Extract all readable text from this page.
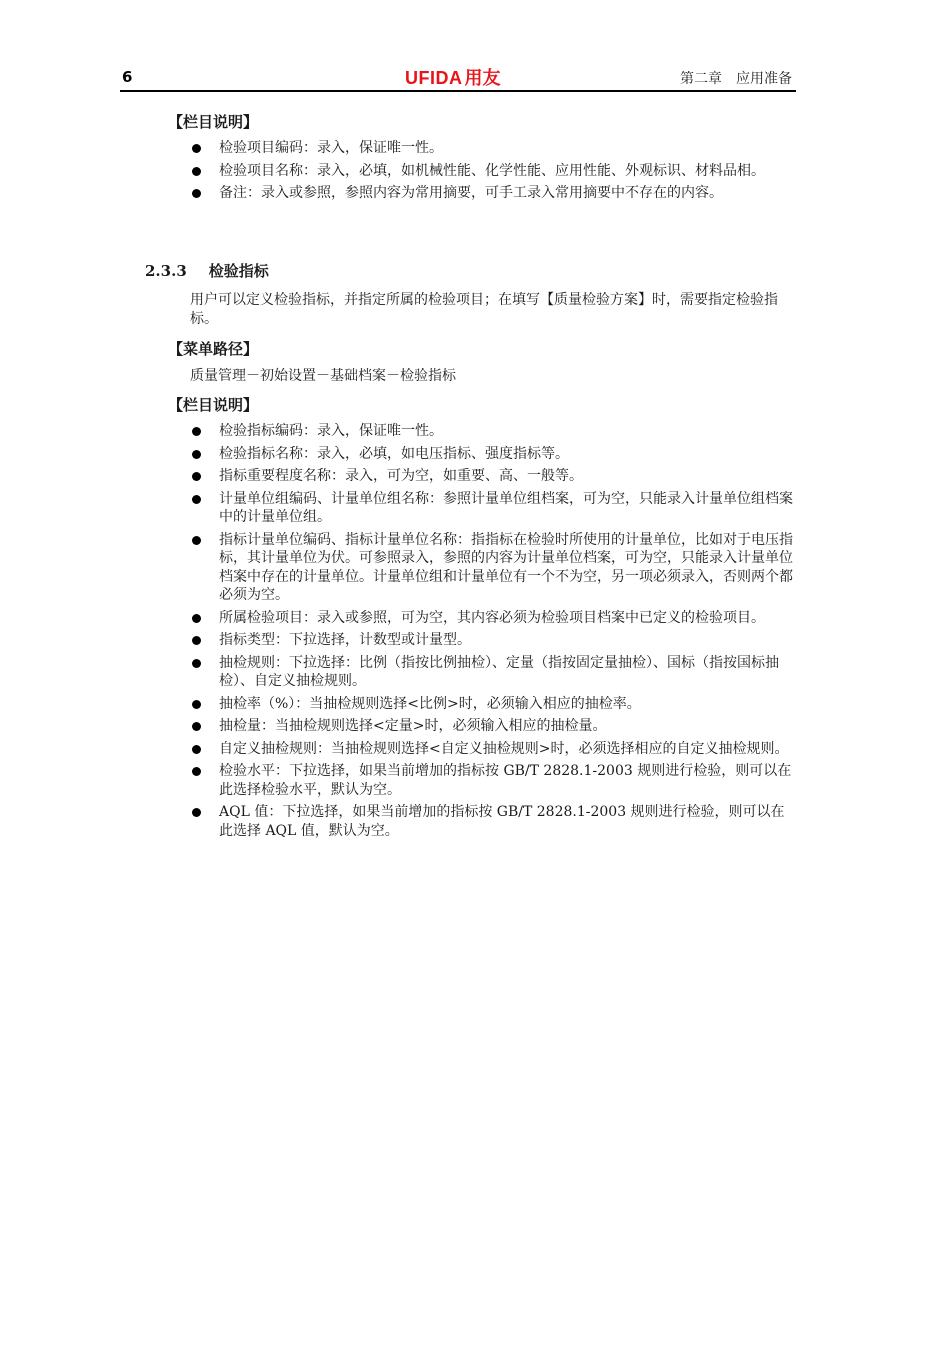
6	UFIDA 用友	第二章　应用准备
【栏目说明】
检验项目编码：录入，保证唯一性。
检验项目名称：录入，必填，如机械性能、化学性能、应用性能、外观标识、材料品相。
备注：录入或参照，参照内容为常用摘要，可手工录入常用摘要中不存在的内容。
2.3.3 检验指标
用户可以定义检验指标，并指定所属的检验项目；在填写【质量检验方案】时，需要指定检验指标。
【菜单路径】
质量管理－初始设置－基础档案－检验指标
【栏目说明】
检验指标编码：录入，保证唯一性。
检验指标名称：录入，必填，如电压指标、强度指标等。
指标重要程度名称：录入，可为空，如重要、高、一般等。
计量单位组编码、计量单位组名称：参照计量单位组档案，可为空，只能录入计量单位组档案中的计量单位组。
指标计量单位编码、指标计量单位名称：指指标在检验时所使用的计量单位，比如对于电压指标，其计量单位为伏。可参照录入，参照的内容为计量单位档案，可为空，只能录入计量单位档案中存在的计量单位。计量单位组和计量单位有一个不为空，另一项必须录入，否则两个都必须为空。
所属检验项目：录入或参照，可为空，其内容必须为检验项目档案中已定义的检验项目。
指标类型：下拉选择，计数型或计量型。
抽检规则：下拉选择：比例（指按比例抽检）、定量（指按固定量抽检）、国标（指按国标抽检）、自定义抽检规则。
抽检率（%）：当抽检规则选择<比例>时，必须输入相应的抽检率。
抽检量：当抽检规则选择<定量>时，必须输入相应的抽检量。
自定义抽检规则：当抽检规则选择<自定义抽检规则>时，必须选择相应的自定义抽检规则。
检验水平：下拉选择，如果当前增加的指标按 GB/T 2828.1-2003 规则进行检验，则可以在此选择检验水平，默认为空。
AQL 值：下拉选择，如果当前增加的指标按 GB/T 2828.1-2003 规则进行检验，则可以在此选择 AQL 值，默认为空。
